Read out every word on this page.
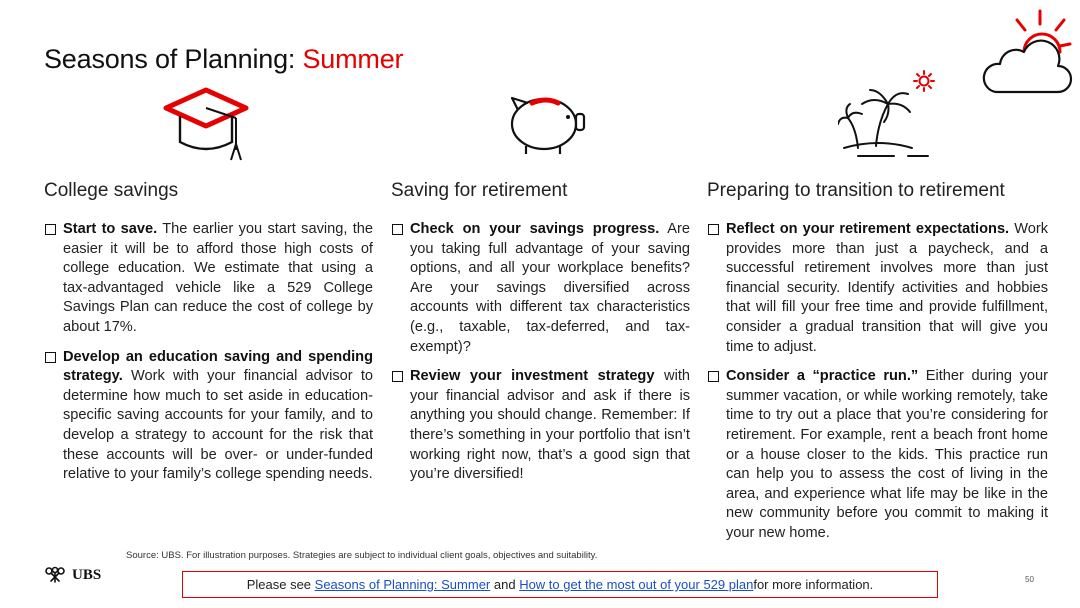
Seasons of Planning: Summer
College savings	Saving for retirement	Preparing to transition to retirement
Start to save. The earlier you start saving, the easier it will be to afford those high costs of college education. We estimate that using a tax-advantaged vehicle like a 529 College Savings Plan can reduce the cost of college by about 17%.
Develop an education saving and spending strategy. Work with your financial advisor to determine how much to set aside in education-specific saving accounts for your family, and to develop a strategy to account for the risk that these accounts will be over- or under-funded relative to your family’s college spending needs.
Check on your savings progress. Are you taking full advantage of your saving options, and all your workplace benefits? Are your savings diversified across accounts with different tax characteristics (e.g., taxable, tax-deferred, and tax-exempt)?
Review your investment strategy with your financial advisor and ask if there is anything you should change. Remember: If there’s something in your portfolio that isn’t working right now, that’s a good sign that you’re diversified!
Reflect on your retirement expectations. Work provides more than just a paycheck, and a successful retirement involves more than just financial security. Identify activities and hobbies that will fill your free time and provide fulfillment, consider a gradual transition that will give you time to adjust.
Consider a “practice run.” Either during your summer vacation, or while working remotely, take time to try out a place that you’re considering for retirement. For example, rent a beach front home or a house closer to the kids. This practice run can help you to assess the cost of living in the area, and experience what life may be like in the new community before you commit to making it your new home.
Source: UBS. For illustration purposes. Strategies are subject to individual client goals, objectives and suitability.
UBS
Please see Seasons of Planning: Summer and How to get the most out of your 529 plan for more information.	50
